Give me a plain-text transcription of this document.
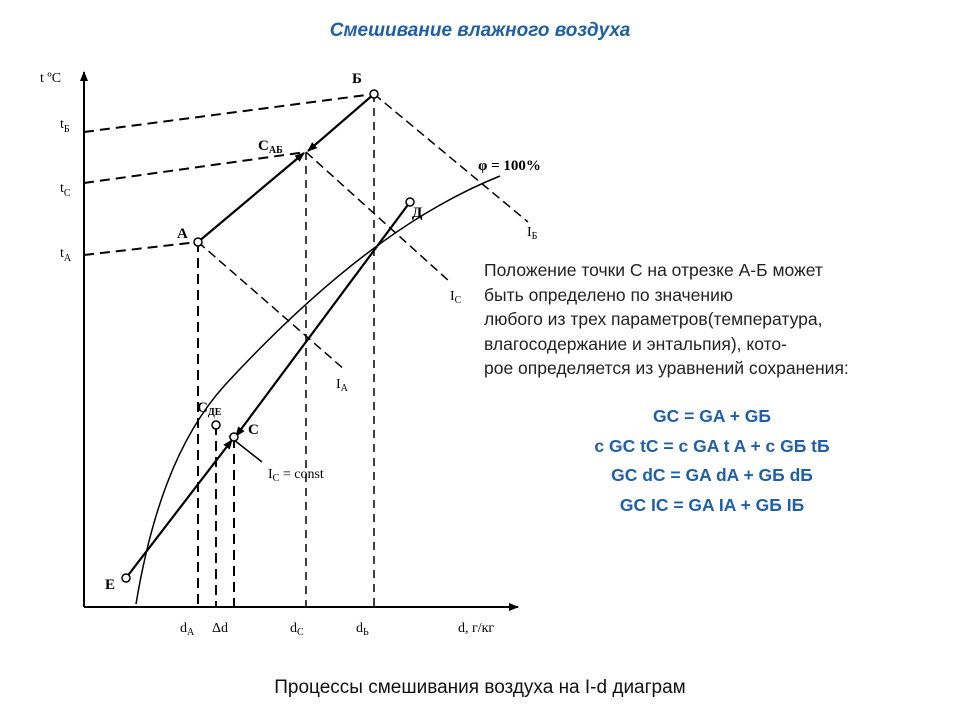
Смешивание влажного воздуха
t ºC
d, г/кг
$t_Б$
$t_С$
$t_А$
$d_А$ Δd	$d_С$	$d_Ь$
Б
А
Д
Е
С
$С_{АБ}$
$С_{ДЕ}$
φ = 100%
$I_Б$
$I_С$
$I_А$
$I_С$ = const
Положение точки С на отрезке А-Б может
быть определено по значению
любого из трех параметров(температура,
влагосодержание и энтальпия), кото-
рое определяется из уравнений сохранения:
GC = GA + GБ
c GC tC = c GA t A + c GБ tБ
GC dC = GA dA + GБ dБ
GC IC = GA IA + GБ IБ
Процессы смешивания воздуха на I-d диаграм
